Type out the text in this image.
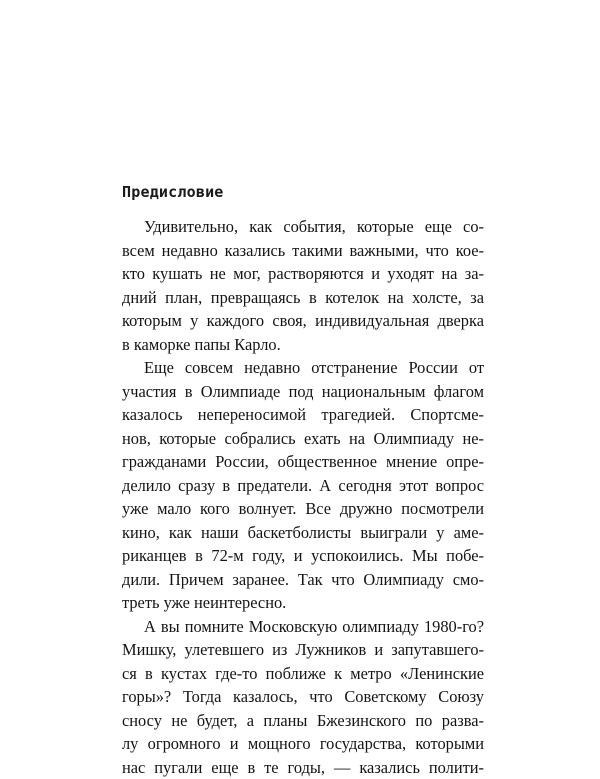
Предисловие
Удивительно, как события, которые еще со-
всем недавно казались такими важными, что кое-
кто кушать не мог, растворяются и уходят на за-
дний план, превращаясь в котелок на холсте, за
которым у каждого своя, индивидуальная дверка
в каморке папы Карло.
Еще совсем недавно отстранение России от
участия в Олимпиаде под национальным флагом
казалось непереносимой трагедией. Спортсме-
нов, которые собрались ехать на Олимпиаду не-
гражданами России, общественное мнение опре-
делило сразу в предатели. А сегодня этот вопрос
уже мало кого волнует. Все дружно посмотрели
кино, как наши баскетболисты выиграли у аме-
риканцев в 72-м году, и успокоились. Мы побе-
дили. Причем заранее. Так что Олимпиаду смо-
треть уже неинтересно.
А вы помните Московскую олимпиаду 1980-го?
Мишку, улетевшего из Лужников и запутавшего-
ся в кустах где-то поближе к метро «Ленинские
горы»? Тогда казалось, что Советскому Союзу
сносу не будет, а планы Бжезинского по разва-
лу огромного и мощного государства, которыми
нас пугали еще в те годы, — казались полити-
